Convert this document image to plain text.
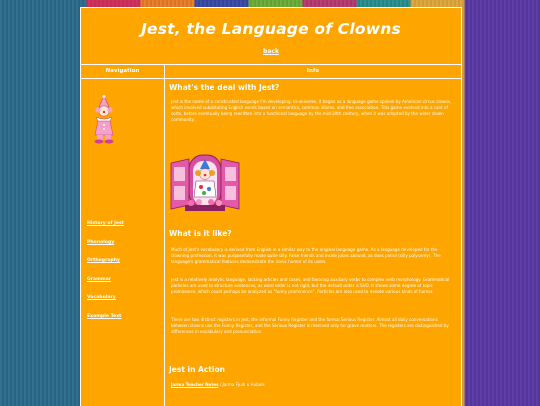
Jest, the Language of Clowns
back
Navigation	Info
History of Jest
Phonology
Orthography
Grammar
Vocabulary
Example Text

What's the deal with Jest?

Jest is the name of a constructed language I'm developing. In-universe, it began as a language game spoken by American circus clowns, which involved substituting English words based on semantics, common idioms, and free association. This game evolved into a cant of sorts, before eventually being rewritten into a functional language by the mid-20th century, when it was adopted by the wider clown community.

What is it like?

Much of Jest's vocabulary is derived from English in a similar way to the original language game. As a language developed for the clowning profession, it was purposefully made quite silly. False friends and inside jokes abound, as does polisil (silly polysemy). The language's grammatical features demonstrate the ironic humor of its users.

Jest is a relatively analytic language, lacking articles and cases, and favoring auxiliary verbs to complex verb morphology. Grammatical particles are used to structure sentences, as word order is not rigid, but the default order is SVO. It shows some degree of topic prominence, which could perhaps be analyzed as "funny prominence". Particles are also used to denote various kinds of humor.

There are two distinct registers in Jest, the informal Funny Register and the formal Serious Register. Almost all daily conversations between clowns use the Funny Register, and the Serious Register is reserved only for grave matters. The registers are distinguished by differences in vocabulary and pronunciation.

Jest in Action

Jarma Teacher Notes / Jarma Fjudi o Hubals
